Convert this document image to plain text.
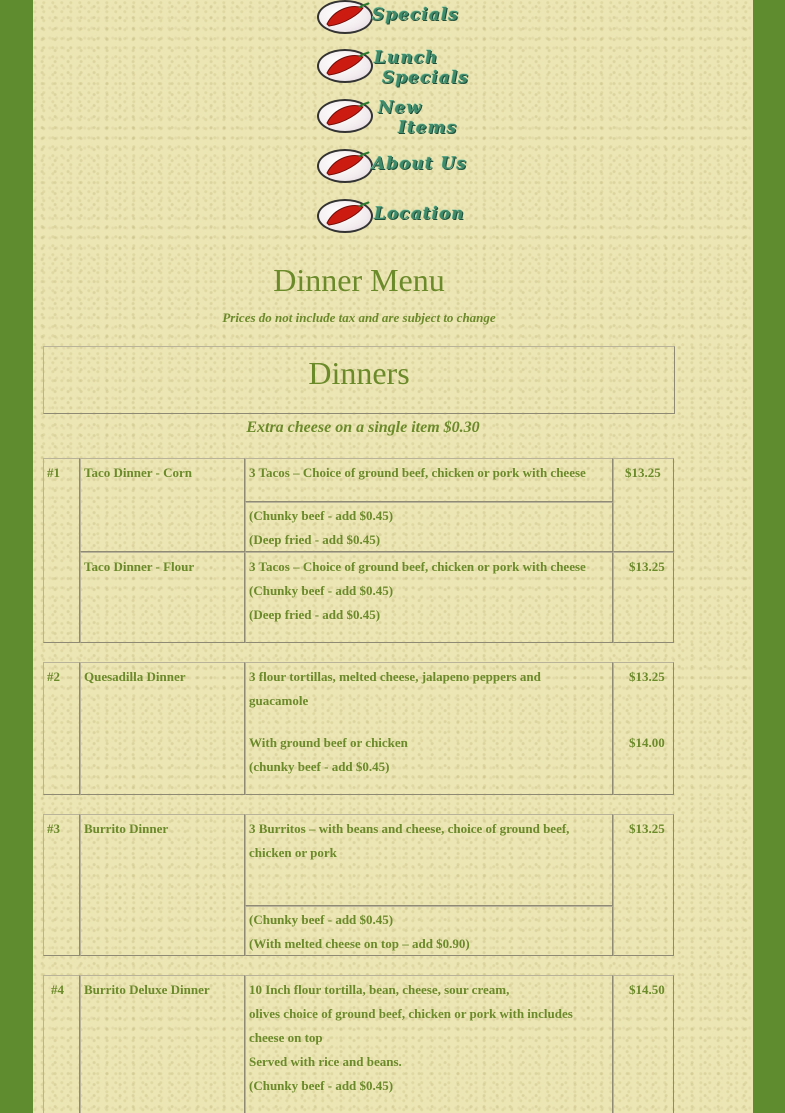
Specials
Lunch
Specials
New
Items
About Us
Location
Dinner Menu
Prices do not include tax and are subject to change
Dinners
Extra cheese on a single item $0.30
#1 Taco Dinner - Corn	3 Tacos – Choice of ground beef, chicken or pork with cheese
(Chunky beef - add $0.45)
(Deep fried - add $0.45)
$13.25
Taco Dinner - Flour	3 Tacos – Choice of ground beef, chicken or pork with cheese
(Chunky beef - add $0.45)
(Deep fried - add $0.45)
$13.25
#2 Quesadilla Dinner	3 flour tortillas, melted cheese, jalapeno peppers and
guacamole
With ground beef or chicken
(chunky beef - add $0.45)
$13.25
$14.00
#3 Burrito Dinner	3 Burritos – with beans and cheese, choice of ground beef,
chicken or pork
(Chunky beef - add $0.45)
(With melted cheese on top – add $0.90)
$13.25
#4 Burrito Deluxe Dinner	10 Inch flour tortilla, bean, cheese, sour cream,
olives choice of ground beef, chicken or pork with includes
cheese on top
Served with rice and beans.
(Chunky beef - add $0.45)
$14.50
